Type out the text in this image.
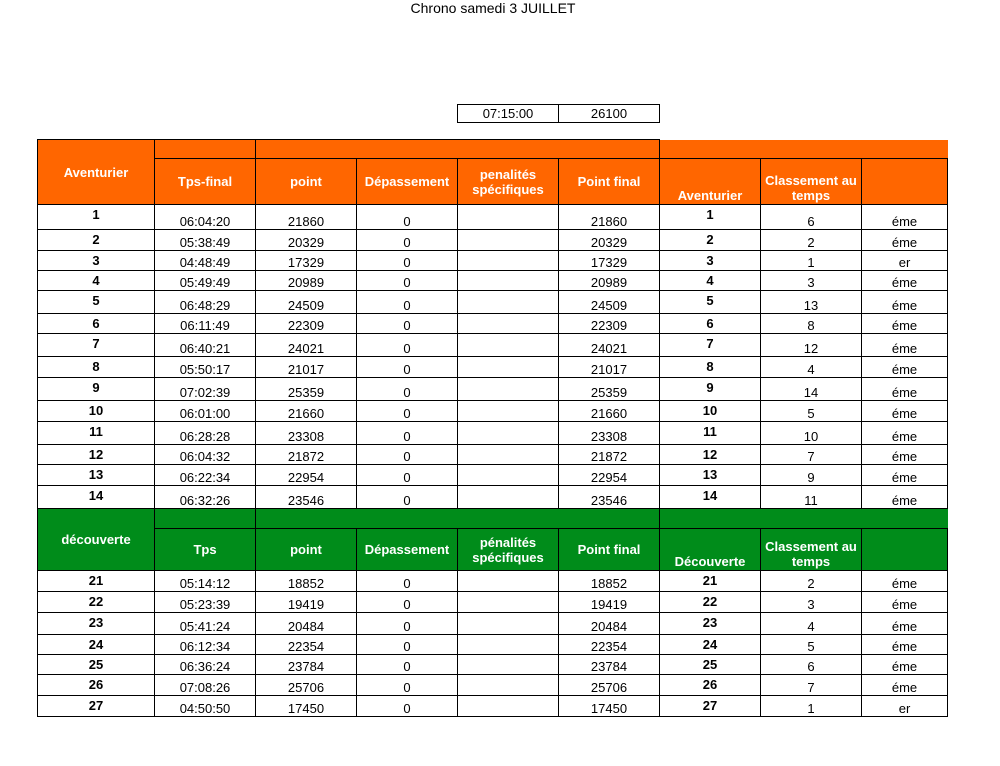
Chrono samedi 3 JUILLET
07:15:00	26100
Aventurier								
	Tps-final	point	Dépassement	penalités spécifiques	Point final	Aventurier	Classement au temps	
1	06:04:20	21860	0		21860	1	6	éme
2	05:38:49	20329	0		20329	2	2	éme
3	04:48:49	17329	0		17329	3	1	er
4	05:49:49	20989	0		20989	4	3	éme
5	06:48:29	24509	0		24509	5	13	éme
6	06:11:49	22309	0		22309	6	8	éme
7	06:40:21	24021	0		24021	7	12	éme
8	05:50:17	21017	0		21017	8	4	éme
9	07:02:39	25359	0		25359	9	14	éme
10	06:01:00	21660	0		21660	10	5	éme
11	06:28:28	23308	0		23308	11	10	éme
12	06:04:32	21872	0		21872	12	7	éme
13	06:22:34	22954	0		22954	13	9	éme
14	06:32:26	23546	0		23546	14	11	éme
découverte								
	Tps	point	Dépassement	pénalités spécifiques	Point final	Découverte	Classement au temps	
21	05:14:12	18852	0		18852	21	2	éme
22	05:23:39	19419	0		19419	22	3	éme
23	05:41:24	20484	0		20484	23	4	éme
24	06:12:34	22354	0		22354	24	5	éme
25	06:36:24	23784	0		23784	25	6	éme
26	07:08:26	25706	0		25706	26	7	éme
27	04:50:50	17450	0		17450	27	1	er
